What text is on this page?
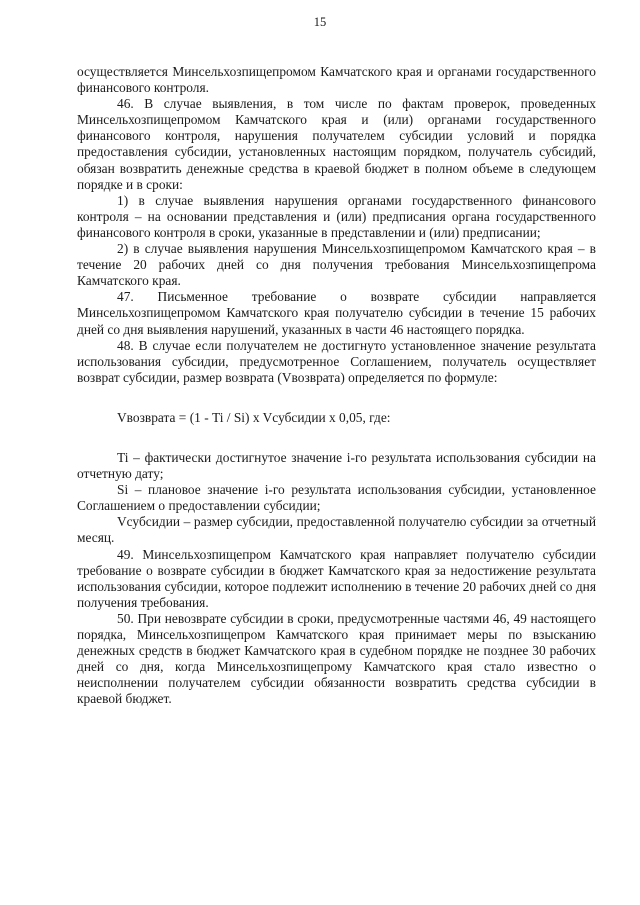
15

осуществляется Минсельхозпищепромом Камчатского края и органами государственного финансового контроля.

46. В случае выявления, в том числе по фактам проверок, проведенных Минсельхозпищепромом Камчатского края и (или) органами государственного финансового контроля, нарушения получателем субсидии условий и порядка предоставления субсидии, установленных настоящим порядком, получатель субсидий, обязан возвратить денежные средства в краевой бюджет в полном объеме в следующем порядке и в сроки:

1) в случае выявления нарушения органами государственного финансового контроля – на основании представления и (или) предписания органа государственного финансового контроля в сроки, указанные в представлении и (или) предписании;

2) в случае выявления нарушения Минсельхозпищепромом Камчатского края – в течение 20 рабочих дней со дня получения требования Минсельхозпищепрома Камчатского края.

47. Письменное требование о возврате субсидии направляется Минсельхозпищепромом Камчатского края получателю субсидии в течение 15 рабочих дней со дня выявления нарушений, указанных в части 46 настоящего порядка.

48. В случае если получателем не достигнуто установленное значение результата использования субсидии, предусмотренное Соглашением, получатель осуществляет возврат субсидии, размер возврата (Vвозврата) определяется по формуле:

Vвозврата = (1 - Ti / Si) x Vсубсидии x 0,05, где:

Ti – фактически достигнутое значение i-го результата использования субсидии на отчетную дату;

Si – плановое значение i-го результата использования субсидии, установленное Соглашением о предоставлении субсидии;

Vсубсидии – размер субсидии, предоставленной получателю субсидии за отчетный месяц.

49. Минсельхозпищепром Камчатского края направляет получателю субсидии требование о возврате субсидии в бюджет Камчатского края за недостижение результата использования субсидии, которое подлежит исполнению в течение 20 рабочих дней со дня получения требования.

50. При невозврате субсидии в сроки, предусмотренные частями 46, 49 настоящего порядка, Минсельхозпищепром Камчатского края принимает меры по взысканию денежных средств в бюджет Камчатского края в судебном порядке не позднее 30 рабочих дней со дня, когда Минсельхозпищепрому Камчатского края стало известно о неисполнении получателем субсидии обязанности возвратить средства субсидии в краевой бюджет.
